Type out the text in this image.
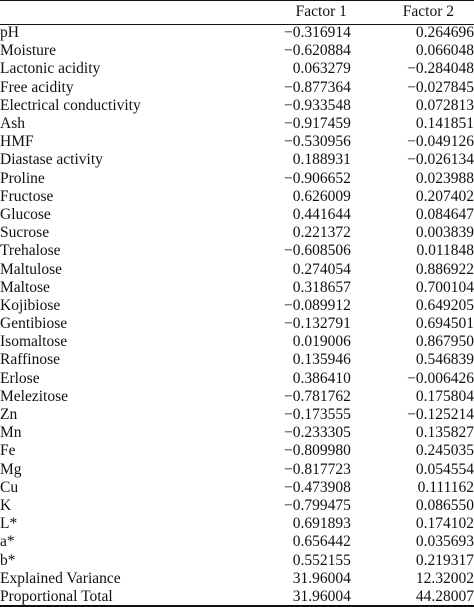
	Factor 1	Factor 2
pH	−0.316914	0.264696
Moisture	−0.620884	0.066048
Lactonic acidity	0.063279	−0.284048
Free acidity	−0.877364	−0.027845
Electrical conductivity	−0.933548	0.072813
Ash	−0.917459	0.141851
HMF	−0.530956	−0.049126
Diastase activity	0.188931	−0.026134
Proline	−0.906652	0.023988
Fructose	0.626009	0.207402
Glucose	0.441644	0.084647
Sucrose	0.221372	0.003839
Trehalose	−0.608506	0.011848
Maltulose	0.274054	0.886922
Maltose	0.318657	0.700104
Kojibiose	−0.089912	0.649205
Gentibiose	−0.132791	0.694501
Isomaltose	0.019006	0.867950
Raffinose	0.135946	0.546839
Erlose	0.386410	−0.006426
Melezitose	−0.781762	0.175804
Zn	−0.173555	−0.125214
Mn	−0.233305	0.135827
Fe	−0.809980	0.245035
Mg	−0.817723	0.054554
Cu	−0.473908	0.111162
K	−0.799475	0.086550
L*	0.691893	0.174102
a*	0.656442	0.035693
b*	0.552155	0.219317
Explained Variance	31.96004	12.32002
Proportional Total	31.96004	44.28007
